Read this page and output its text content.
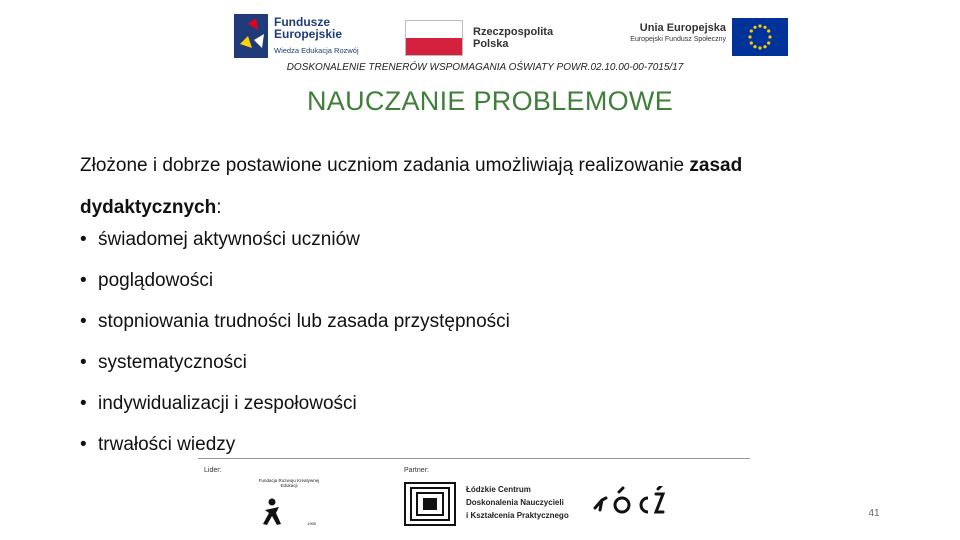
Fundusze
Europejskie
Wiedza Edukacja Rozwój
Rzeczpospolita
Polska
Unia Europejska
Europejski Fundusz Społeczny
DOSKONALENIE TRENERÓW WSPOMAGANIA OŚWIATY POWR.02.10.00-00-7015/17
NAUCZANIE PROBLEMOWE
Złożone i dobrze postawione uczniom zadania umożliwiają realizowanie zasad
dydaktycznych:
• świadomej aktywności uczniów
• poglądowości
• stopniowania trudności lub zasada przystępności
• systematyczności
• indywidualizacji i zespołowości
• trwałości wiedzy
Lider:	Partner:
Fundacja Rozwoju Kreatywnej Edukacji
1995
Łódzkie Centrum
Doskonalenia Nauczycieli
i Kształcenia Praktycznego	41
